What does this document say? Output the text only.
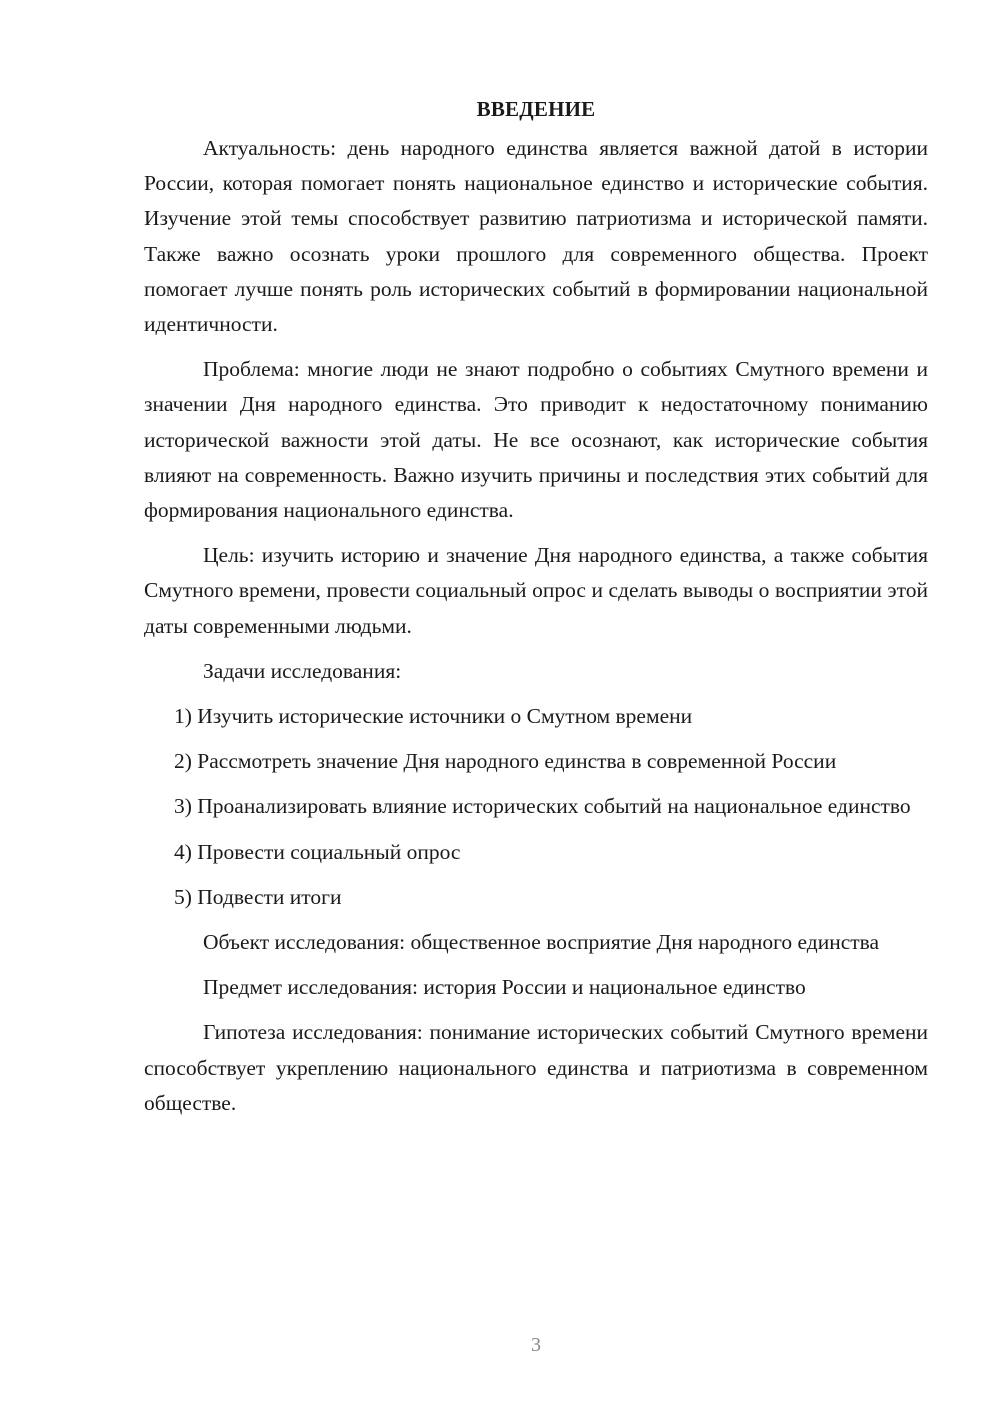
ВВЕДЕНИЕ

Актуальность: день народного единства является важной датой в истории России, которая помогает понять национальное единство и исторические события. Изучение этой темы способствует развитию патриотизма и исторической памяти. Также важно осознать уроки прошлого для современного общества. Проект помогает лучше понять роль исторических событий в формировании национальной идентичности.

Проблема: многие люди не знают подробно о событиях Смутного времени и значении Дня народного единства. Это приводит к недостаточному пониманию исторической важности этой даты. Не все осознают, как исторические события влияют на современность. Важно изучить причины и последствия этих событий для формирования национального единства.

Цель: изучить историю и значение Дня народного единства, а также события Смутного времени, провести социальный опрос и сделать выводы о восприятии этой даты современными людьми.

Задачи исследования:

1) Изучить исторические источники о Смутном времени

2) Рассмотреть значение Дня народного единства в современной России

3) Проанализировать влияние исторических событий на национальное единство

4) Провести социальный опрос

5) Подвести итоги

Объект исследования: общественное восприятие Дня народного единства

Предмет исследования: история России и национальное единство

Гипотеза исследования: понимание исторических событий Смутного времени способствует укреплению национального единства и патриотизма в современном обществе.

3
